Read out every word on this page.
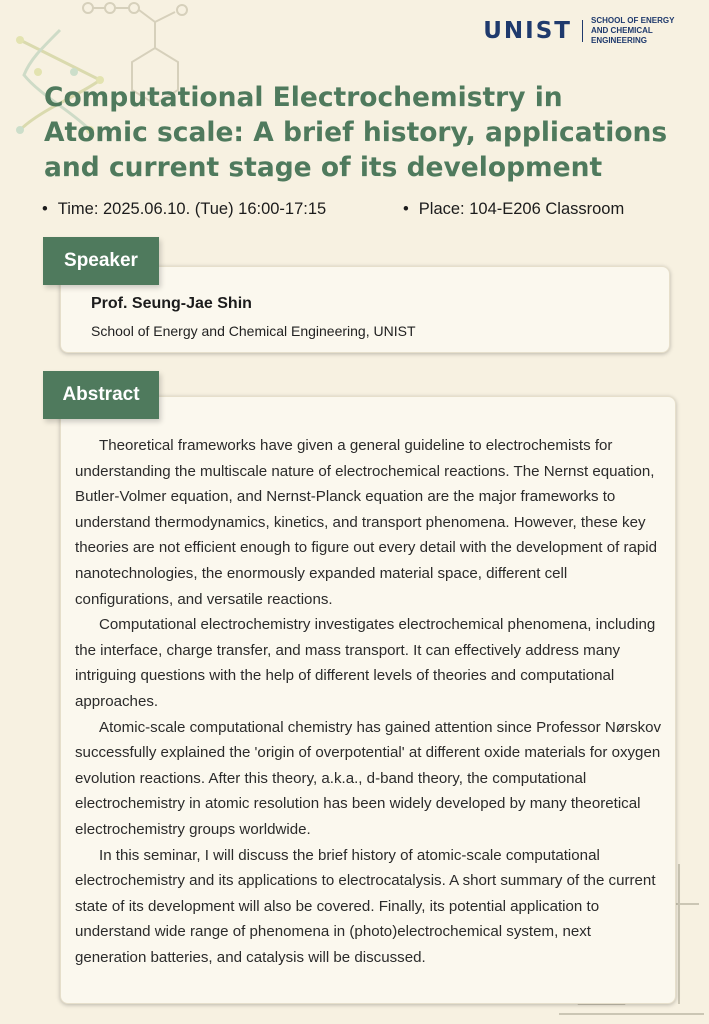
UNIST SCHOOL OF ENERGY AND CHEMICAL ENGINEERING
Computational Electrochemistry in Atomic scale: A brief history, applications and current stage of its development
• Time: 2025.06.10. (Tue) 16:00-17:15	• Place: 104-E206 Classroom
Prof. Seung-Jae Shin
School of Energy and Chemical Engineering, UNIST
Speaker

Theoretical frameworks have given a general guideline to electrochemists for understanding the multiscale nature of electrochemical reactions. The Nernst equation, Butler-Volmer equation, and Nernst-Planck equation are the major frameworks to understand thermodynamics, kinetics, and transport phenomena. However, these key theories are not efficient enough to figure out every detail with the development of rapid nanotechnologies, the enormously expanded material space, different cell configurations, and versatile reactions.

Computational electrochemistry investigates electrochemical phenomena, including the interface, charge transfer, and mass transport. It can effectively address many intriguing questions with the help of different levels of theories and computational approaches.

Atomic-scale computational chemistry has gained attention since Professor Nørskov successfully explained the 'origin of overpotential' at different oxide materials for oxygen evolution reactions. After this theory, a.k.a., d-band theory, the computational electrochemistry in atomic resolution has been widely developed by many theoretical electrochemistry groups worldwide.

In this seminar, I will discuss the brief history of atomic-scale computational electrochemistry and its applications to electrocatalysis. A short summary of the current state of its development will also be covered. Finally, its potential application to understand wide range of phenomena in (photo)electrochemical system, next generation batteries, and catalysis will be discussed.

Abstract
